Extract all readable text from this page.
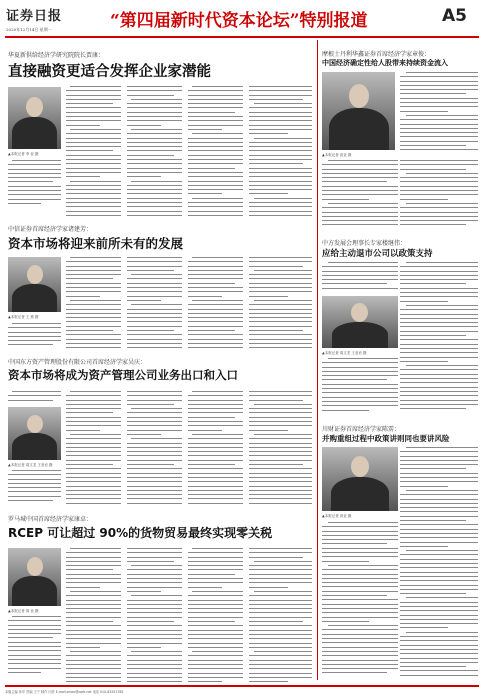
证券日报
2020年12月14日 星期一	“第四届新时代资本论坛”特别报道	A5
华夏新供给经济学研究院院长贾康：
直接融资更适合发挥企业家潜能
▲本报记者 李 亚 摄
中信证券首席经济学家诸建芳：
资本市场将迎来前所未有的发展
▲本报记者 王 燕 摄
中国东方资产管理股份有限公司首席经济学家吴庆：
资本市场将成为资产管理公司业务出口和入口
▲本报记者 周文龙 王亚岩 摄
罗马城中国首席经济学家康卓：
RCEP 可让超过 90%的货物贸易最终实现零关税
▲本报记者 周 亚 摄
摩根士丹利华鑫证券首席经济学家章俊：
中国经济确定性给人股带来持续资金流入
▲本报记者 高亚 摄
中方发展会理事长专家楼继伟：
应给主动退市公司以政策支持
▲本报记者 周文龙 王亚岩 摄
川财证券首席经济学家陈雳：
并购重组过程中政策讲则同也要讲风险
▲本报记者 高亚 摄
本版主编 孙华 责编 王宁 制作 闫亮 E-mail:zmzx@zqrb.net 电话 010-83251785
